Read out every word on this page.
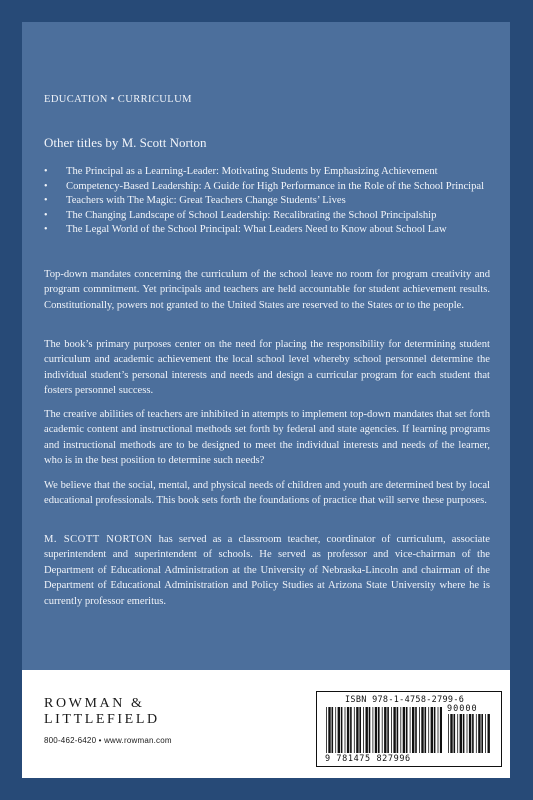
EDUCATION • CURRICULUM
Other titles by M. Scott Norton
• The Principal as a Learning-Leader: Motivating Students by Emphasizing Achievement
• Competency-Based Leadership: A Guide for High Performance in the Role of the School Principal
• Teachers with The Magic: Great Teachers Change Students’ Lives
• The Changing Landscape of School Leadership: Recalibrating the School Principalship
• The Legal World of the School Principal: What Leaders Need to Know about School Law

Top-down mandates concerning the curriculum of the school leave no room for program creativity and program commitment. Yet principals and teachers are held accountable for student achievement results. Constitutionally, powers not granted to the United States are reserved to the States or to the people.

The book’s primary purposes center on the need for placing the responsibility for determining student curriculum and academic achievement the local school level whereby school personnel determine the individual student’s personal interests and needs and design a curricular program for each student that fosters personnel success.

The creative abilities of teachers are inhibited in attempts to implement top-down mandates that set forth academic content and instructional methods set forth by federal and state agencies. If learning programs and instructional methods are to be designed to meet the individual interests and needs of the learner, who is in the best position to determine such needs?

We believe that the social, mental, and physical needs of children and youth are determined best by local educational professionals. This book sets forth the foundations of practice that will serve these purposes.

M. SCOTT NORTON has served as a classroom teacher, coordinator of curriculum, associate superintendent and superintendent of schools. He served as professor and vice-chairman of the Department of Educational Administration at the University of Nebraska-Lincoln and chairman of the Department of Educational Administration and Policy Studies at Arizona State University where he is currently professor emeritus.

ROWMAN &
LITTLEFIELD
800-462-6420 • www.rowman.com
ISBN 978-1-4758-2799-6
90000
9 781475 827996
